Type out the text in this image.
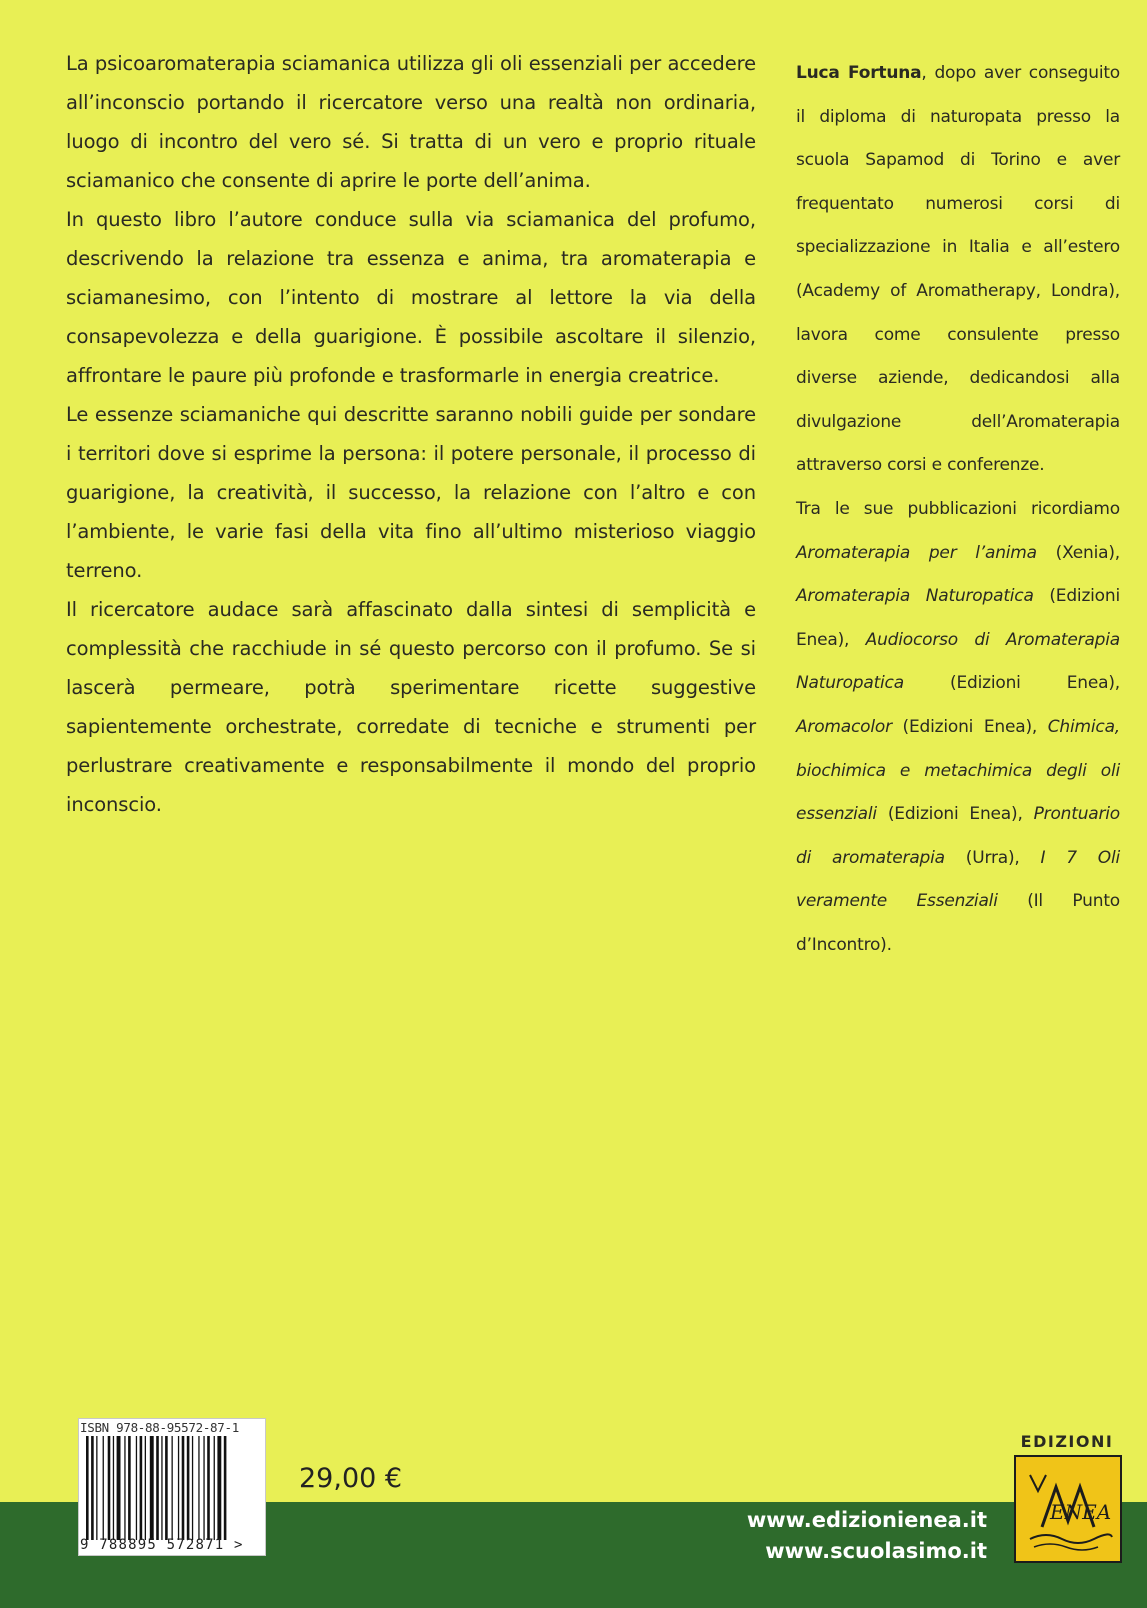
La psicoaromaterapia sciamanica utilizza gli oli essenziali per accedere all’inconscio portando il ricercatore verso una realtà non ordinaria, luogo di incontro del vero sé. Si tratta di un vero e proprio rituale sciamanico che consente di aprire le porte dell’anima.

In questo libro l’autore conduce sulla via sciamanica del profumo, descrivendo la relazione tra essenza e anima, tra aromaterapia e sciamanesimo, con l’intento di mostrare al lettore la via della consapevolezza e della guarigione. È possibile ascoltare il silenzio, affrontare le paure più profonde e trasformarle in energia creatrice.

Le essenze sciamaniche qui descritte saranno nobili guide per sondare i territori dove si esprime la persona: il potere personale, il processo di guarigione, la creatività, il successo, la relazione con l’altro e con l’ambiente, le varie fasi della vita fino all’ultimo misterioso viaggio terreno.

Il ricercatore audace sarà affascinato dalla sintesi di semplicità e complessità che racchiude in sé questo percorso con il profumo. Se si lascerà permeare, potrà sperimentare ricette suggestive sapientemente orchestrate, corredate di tecniche e strumenti per perlustrare creativamente e responsabilmente il mondo del proprio inconscio.

Luca Fortuna, dopo aver conseguito il diploma di naturopata presso la scuola Sapamod di Torino e aver frequentato numerosi corsi di specializzazione in Italia e all’estero (Academy of Aromatherapy, Londra), lavora come consulente presso diverse aziende, dedicandosi alla divulgazione dell’Aromaterapia attraverso corsi e conferenze.

Tra le sue pubblicazioni ricordiamo Aromaterapia per l’anima (Xenia), Aromaterapia Naturopatica (Edizioni Enea), Audiocorso di Aromaterapia Naturopatica (Edizioni Enea), Aromacolor (Edizioni Enea), Chimica, biochimica e metachimica degli oli essenziali (Edizioni Enea), Prontuario di aromaterapia (Urra), I 7 Oli veramente Essenziali (Il Punto d’Incontro).

www.edizionienea.it
www.scuolasimo.it
ISBN 978-88-95572-87-1
9 788895 572871 >
29,00 €
EDIZIONI
ENEA
